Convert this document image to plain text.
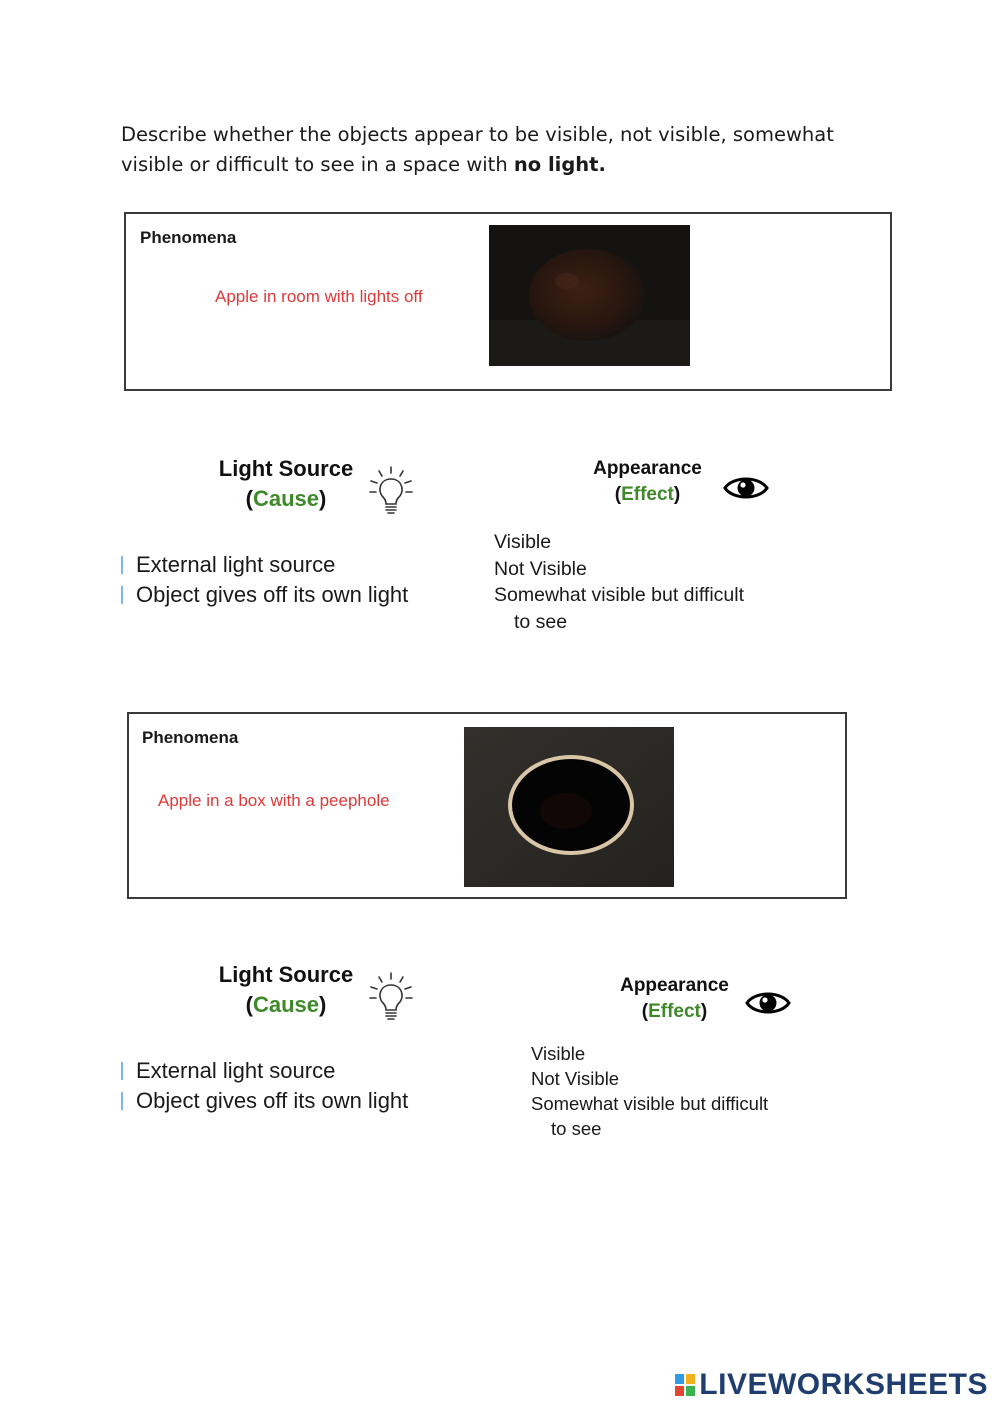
Describe whether the objects appear to be visible, not visible, somewhat visible or difficult to see in a space with no light.
Phenomena
Apple in room with lights off
Light Source
(Cause)
External light source
Object gives off its own light
Appearance
(Effect)
Visible
Not Visible
Somewhat visible but difficult
to see
Phenomena
Apple in a box with a peephole
Light Source
(Cause)
External light source
Object gives off its own light
Appearance
(Effect)
Visible
Not Visible
Somewhat visible but difficult
to see
LIVEWORKSHEETS
